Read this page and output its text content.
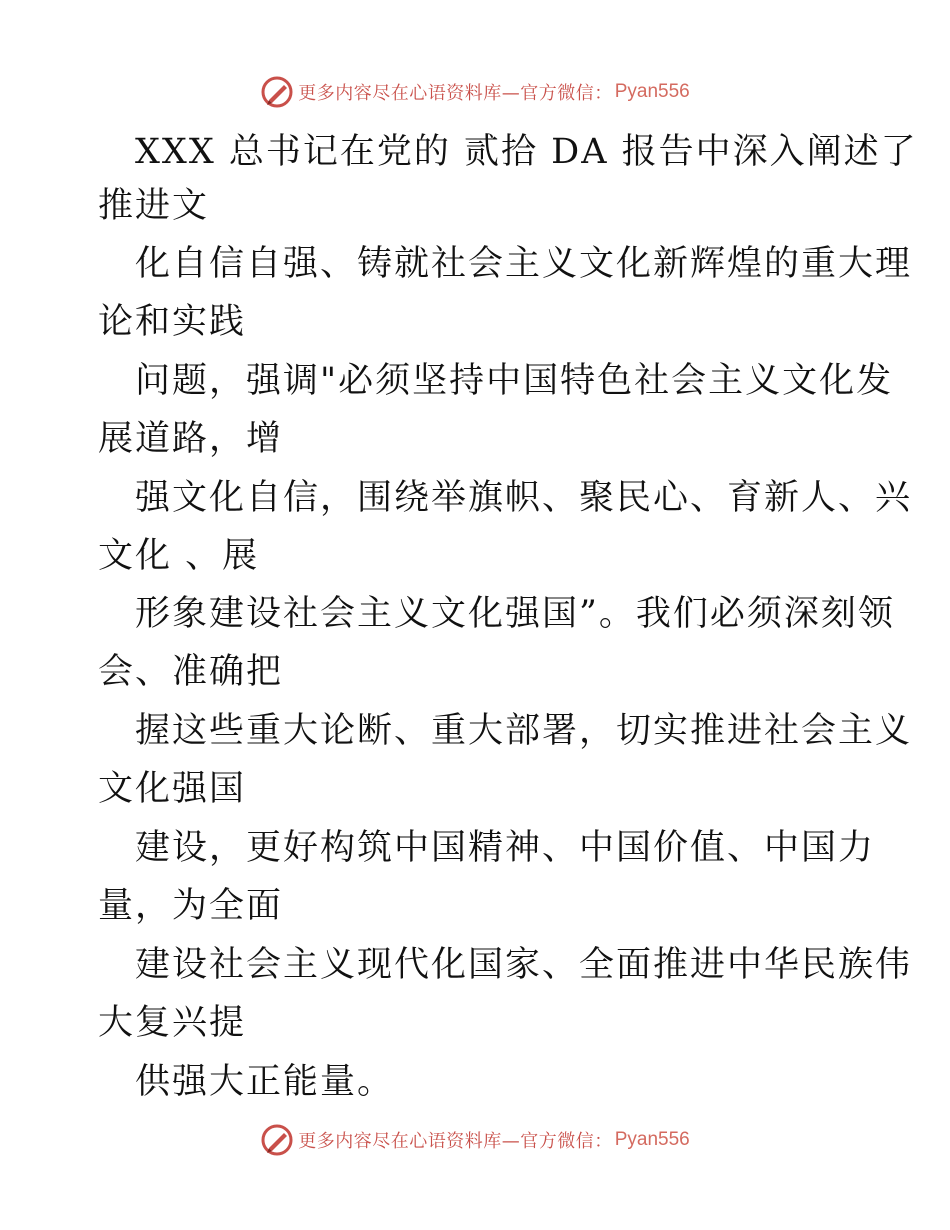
更多内容尽在心语资料库—官方微信： Pyan556
XXX 总书记在党的 贰拾 DA 报告中深入阐述了
推进文
化自信自强、铸就社会主义文化新辉煌的重大理
论和实践
问题，强调"必须坚持中国特色社会主义文化发
展道路，增
强文化自信，围绕举旗帜、聚民心、育新人、兴
文化 、展
形象建设社会主义文化强国”。我们必须深刻领
会、准确把
握这些重大论断、重大部署，切实推进社会主义
文化强国
建设，更好构筑中国精神、中国价值、中国力
量，为全面
建设社会主义现代化国家、全面推进中华民族伟
大复兴提
供强大正能量。
更多内容尽在心语资料库—官方微信： Pyan556
